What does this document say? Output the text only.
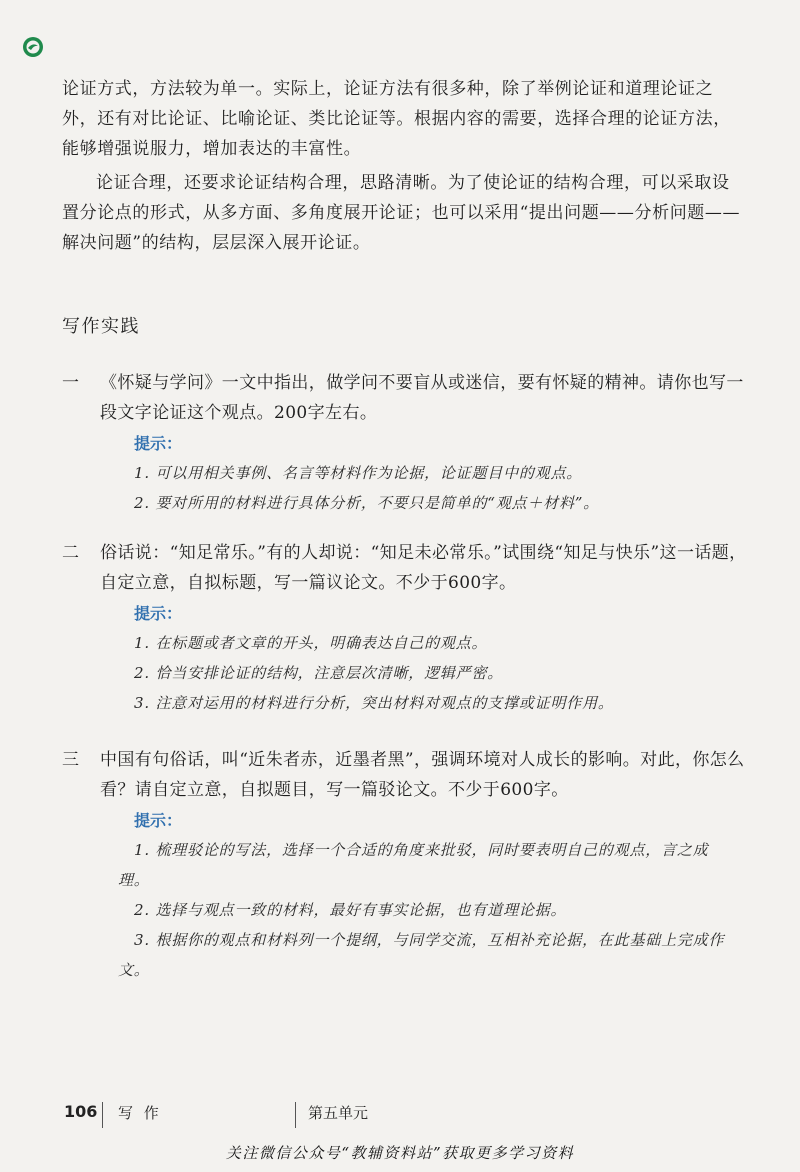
论证方式，方法较为单一。实际上，论证方法有很多种，除了举例论证和道理论证之外，还有对比论证、比喻论证、类比论证等。根据内容的需要，选择合理的论证方法，能够增强说服力，增加表达的丰富性。

论证合理，还要求论证结构合理，思路清晰。为了使论证的结构合理，可以采取设置分论点的形式，从多方面、多角度展开论证；也可以采用“提出问题——分析问题——解决问题”的结构，层层深入展开论证。

写作实践
一	《怀疑与学问》一文中指出，做学问不要盲从或迷信，要有怀疑的精神。请你也写一段文字论证这个观点。200字左右。

提示：

1. 可以用相关事例、名言等材料作为论据，论证题目中的观点。

2. 要对所用的材料进行具体分析，不要只是简单的“观点＋材料”。

二	俗话说：“知足常乐。”有的人却说：“知足未必常乐。”试围绕“知足与快乐”这一话题，自定立意，自拟标题，写一篇议论文。不少于600字。

提示：

1. 在标题或者文章的开头，明确表达自己的观点。

2. 恰当安排论证的结构，注意层次清晰，逻辑严密。

3. 注意对运用的材料进行分析，突出材料对观点的支撑或证明作用。

三	中国有句俗话，叫“近朱者赤，近墨者黑”，强调环境对人成长的影响。对此，你怎么看？请自定立意，自拟题目，写一篇驳论文。不少于600字。

提示：

1. 梳理驳论的写法，选择一个合适的角度来批驳，同时要表明自己的观点，言之成理。

2. 选择与观点一致的材料，最好有事实论据，也有道理论据。

3. 根据你的观点和材料列一个提纲，与同学交流，互相补充论据，在此基础上完成作文。

106 写 作	第五单元
关注微信公众号“教辅资料站”获取更多学习资料
